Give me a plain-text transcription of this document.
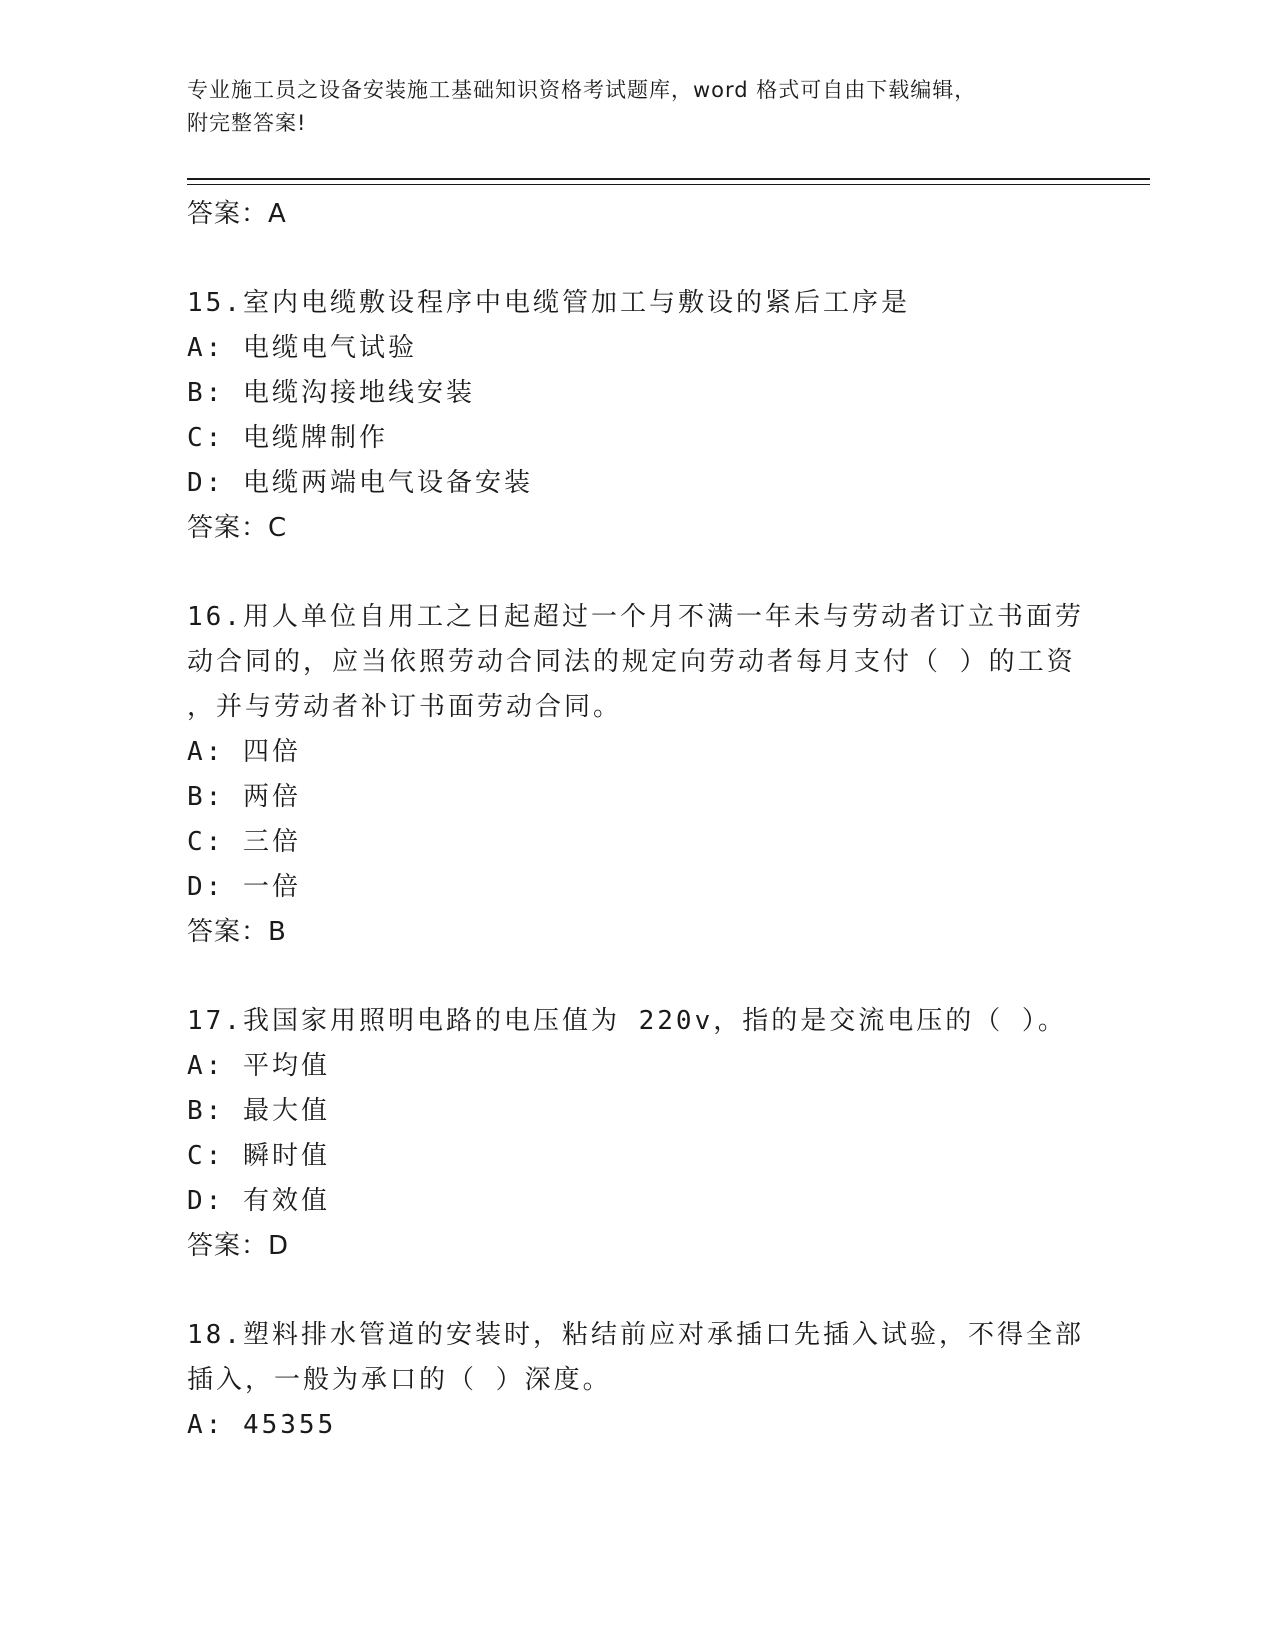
专业施工员之设备安装施工基础知识资格考试题库，word 格式可自由下载编辑，
附完整答案!

答案：A

15.室内电缆敷设程序中电缆管加工与敷设的紧后工序是

A: 电缆电气试验

B: 电缆沟接地线安装

C: 电缆牌制作

D: 电缆两端电气设备安装

答案：C

16.用人单位自用工之日起超过一个月不满一年未与劳动者订立书面劳

动合同的，应当依照劳动合同法的规定向劳动者每月支付（ ）的工资

，并与劳动者补订书面劳动合同。

A: 四倍

B: 两倍

C: 三倍

D: 一倍

答案：B

17.我国家用照明电路的电压值为 220v，指的是交流电压的（ ）。

A: 平均值

B: 最大值

C: 瞬时值

D: 有效值

答案：D

18.塑料排水管道的安装时，粘结前应对承插口先插入试验，不得全部

插入，一般为承口的（ ）深度。

A: 45355
